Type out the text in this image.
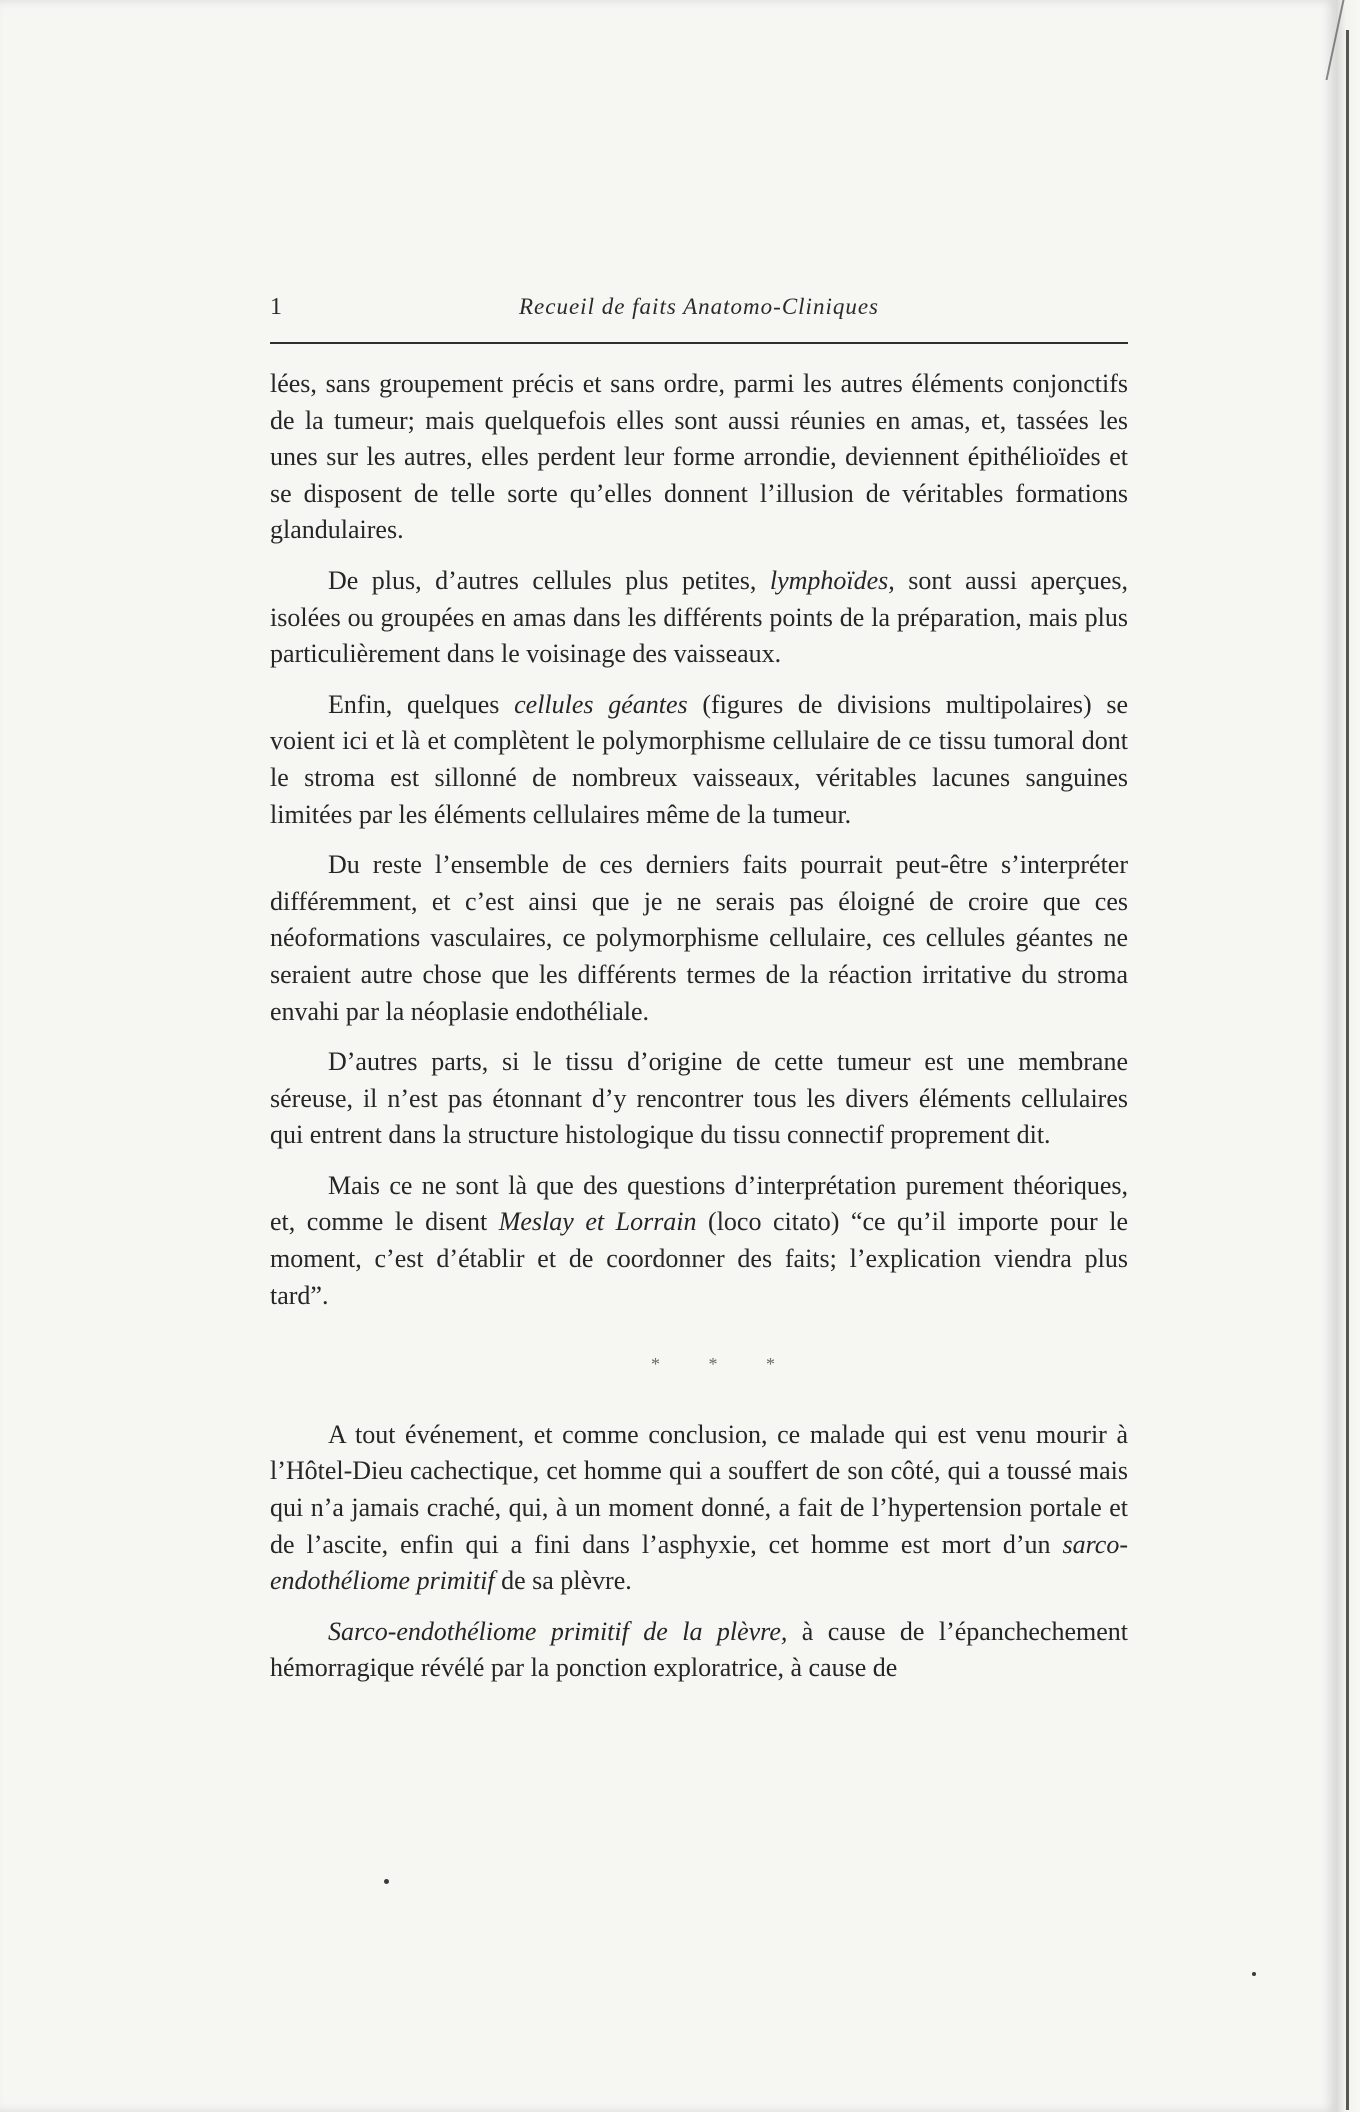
1	Recueil de faits Anatomo-Cliniques

lées, sans groupement précis et sans ordre, parmi les autres éléments conjonctifs de la tumeur; mais quelquefois elles sont aussi réunies en amas, et, tassées les unes sur les autres, elles perdent leur forme arrondie, deviennent épithélioïdes et se disposent de telle sorte qu’elles donnent l’illusion de véritables formations glandulaires.

De plus, d’autres cellules plus petites, lymphoïdes, sont aussi aperçues, isolées ou groupées en amas dans les différents points de la préparation, mais plus particulièrement dans le voisinage des vaisseaux.

Enfin, quelques cellules géantes (figures de divisions multipolaires) se voient ici et là et complètent le polymorphisme cellulaire de ce tissu tumoral dont le stroma est sillonné de nombreux vaisseaux, véritables lacunes sanguines limitées par les éléments cellulaires même de la tumeur.

Du reste l’ensemble de ces derniers faits pourrait peut-être s’interpréter différemment, et c’est ainsi que je ne serais pas éloigné de croire que ces néoformations vasculaires, ce polymorphisme cellulaire, ces cellules géantes ne seraient autre chose que les différents termes de la réaction irritative du stroma envahi par la néoplasie endothéliale.

D’autres parts, si le tissu d’origine de cette tumeur est une membrane séreuse, il n’est pas étonnant d’y rencontrer tous les divers éléments cellulaires qui entrent dans la structure histologique du tissu connectif proprement dit.

Mais ce ne sont là que des questions d’interprétation purement théoriques, et, comme le disent Meslay et Lorrain (loco citato) “ce qu’il importe pour le moment, c’est d’établir et de coordonner des faits; l’explication viendra plus tard”.

* * *

A tout événement, et comme conclusion, ce malade qui est venu mourir à l’Hôtel-Dieu cachectique, cet homme qui a souffert de son côté, qui a toussé mais qui n’a jamais craché, qui, à un moment donné, a fait de l’hypertension portale et de l’ascite, enfin qui a fini dans l’asphyxie, cet homme est mort d’un sarco-endothéliome primitif de sa plèvre.

Sarco-endothéliome primitif de la plèvre, à cause de l’épanchechement hémorragique révélé par la ponction exploratrice, à cause de
